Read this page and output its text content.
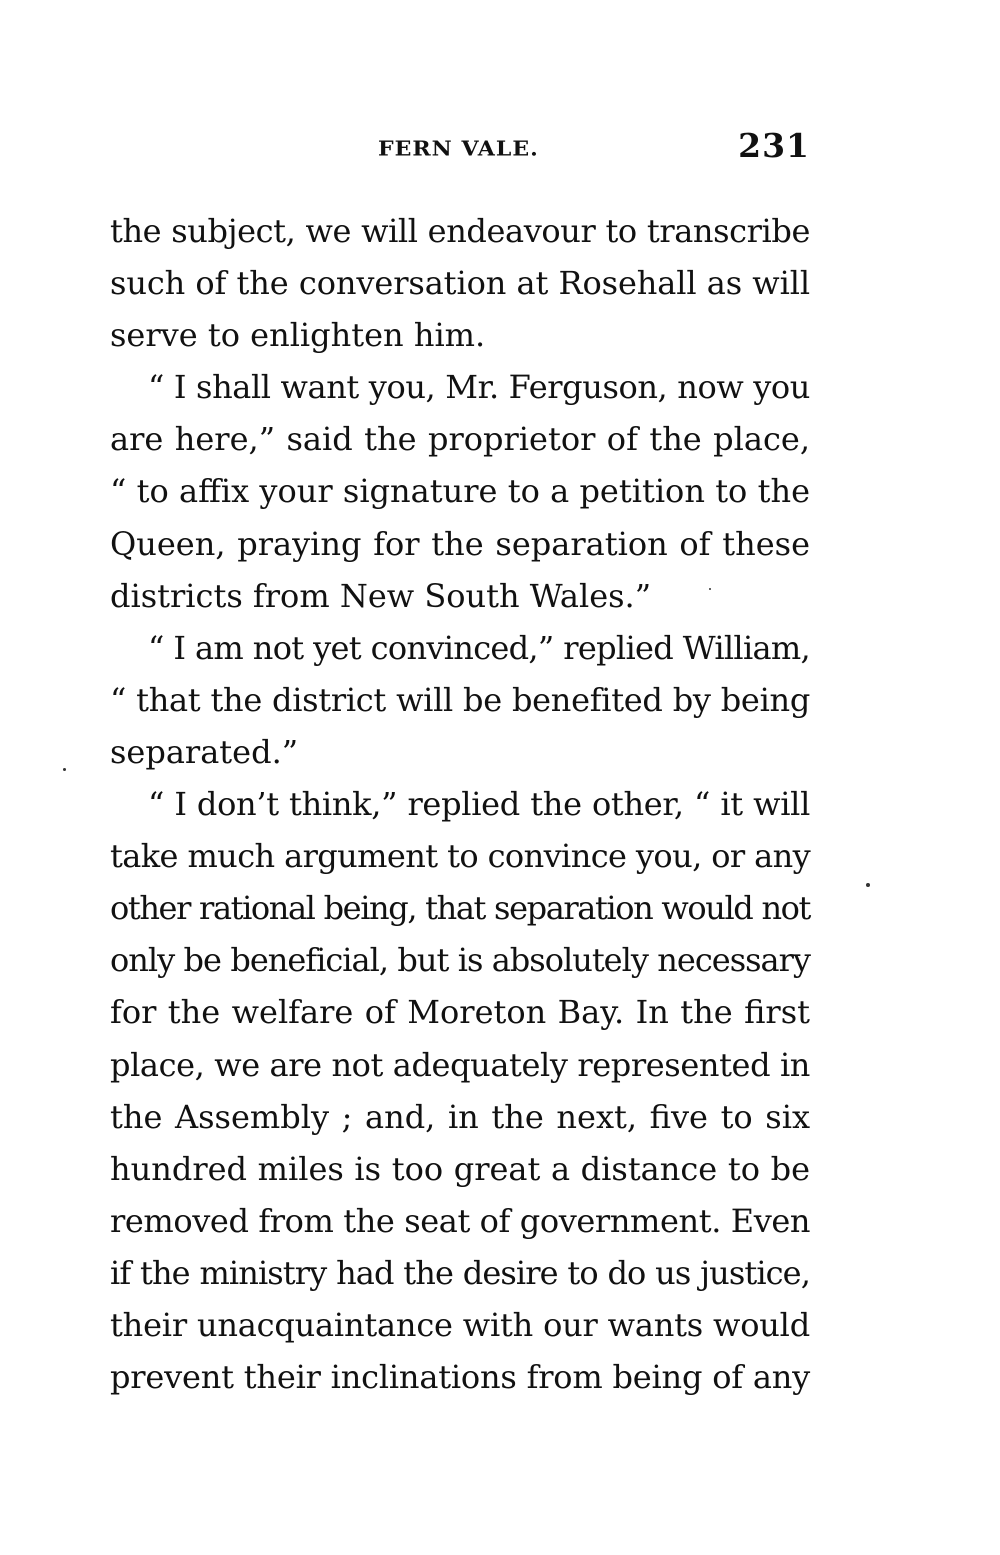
FERN VALE.	231
the subject, we will endeavour to transcribe
such of the conversation at Rosehall as will
serve to enlighten him.
“ I shall want you, Mr. Ferguson, now you
are here,” said the proprietor of the place,
“ to affix your signature to a petition to the
Queen, praying for the separation of these
districts from New South Wales.”
“ I am not yet convinced,” replied William,
“ that the district will be benefited by being
separated.”
“ I don’t think,” replied the other, “ it will
take much argument to convince you, or any
other rational being, that separation would not
only be beneficial, but is absolutely necessary
for the welfare of Moreton Bay. In the first
place, we are not adequately represented in
the Assembly ; and, in the next, five to six
hundred miles is too great a distance to be
removed from the seat of government. Even
if the ministry had the desire to do us justice,
their unacquaintance with our wants would
prevent their inclinations from being of any
